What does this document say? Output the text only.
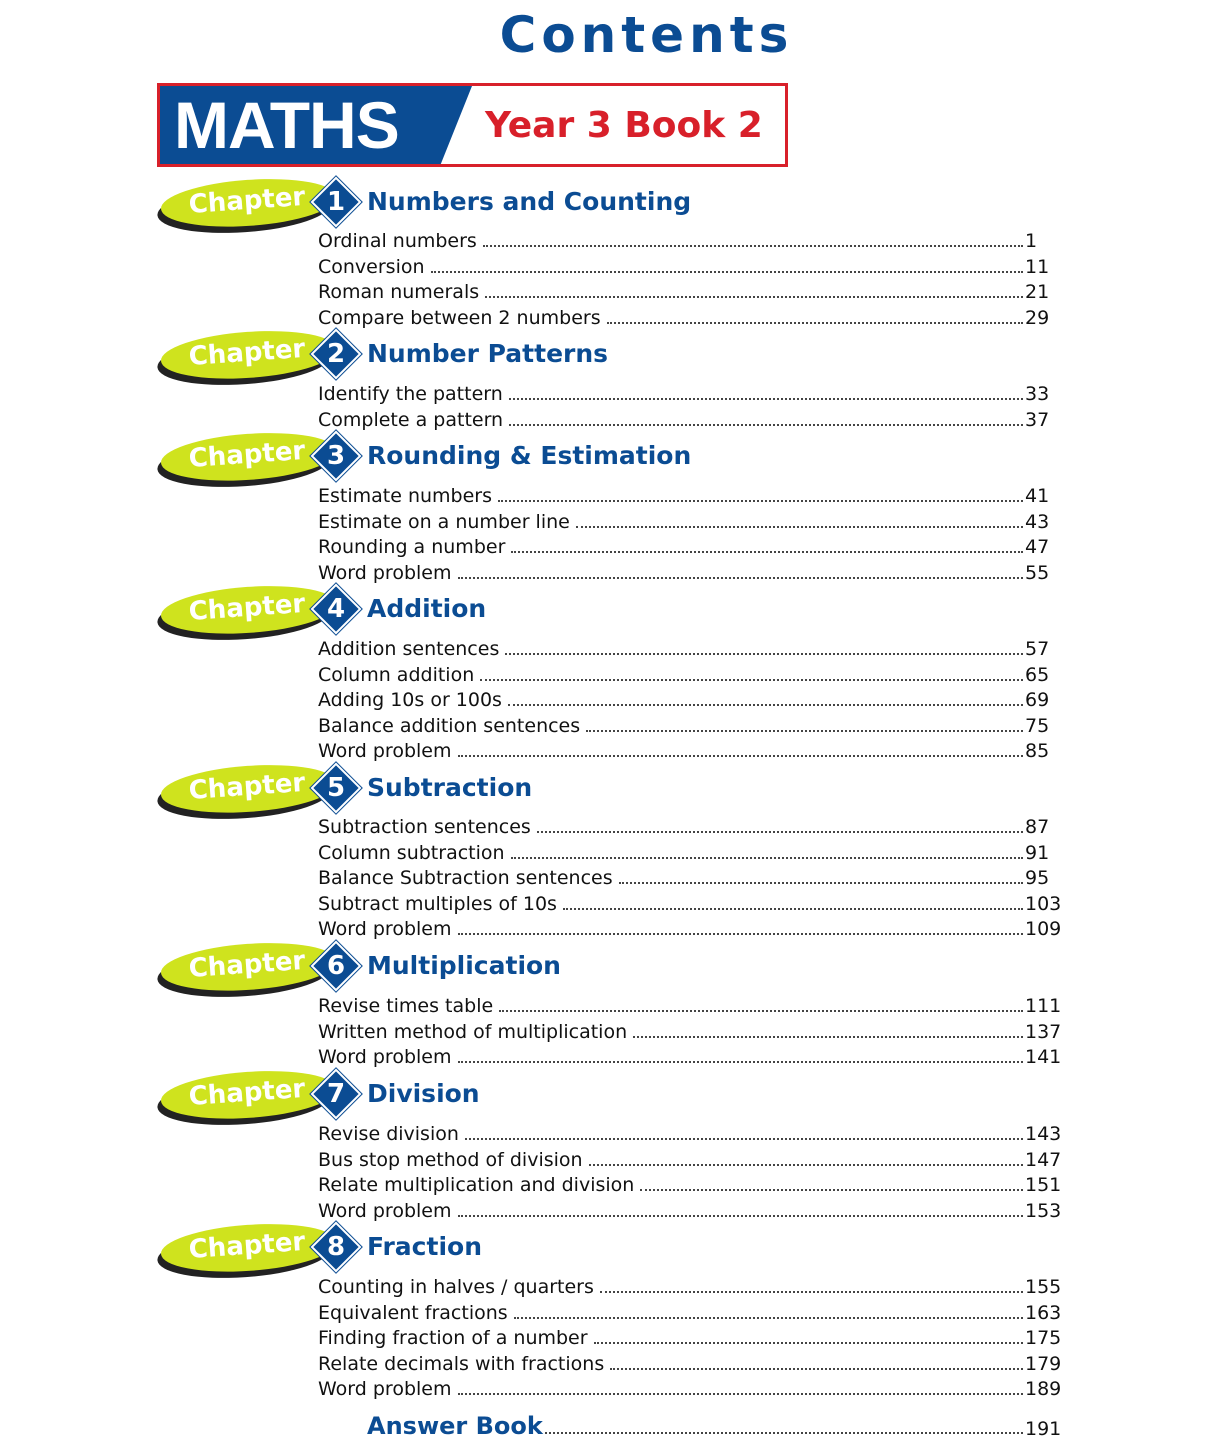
Contents
MATHS Year 3 Book 2
Chapter 1 Numbers and Counting
Ordinal numbers	1
Conversion	11
Roman numerals	21
Compare between 2 numbers	29
Chapter 2 Number Patterns
Identify the pattern	33
Complete a pattern	37
Chapter 3 Rounding & Estimation
Estimate numbers	41
Estimate on a number line	43
Rounding a number	47
Word problem	55
Chapter 4 Addition
Addition sentences	57
Column addition	65
Adding 10s or 100s	69
Balance addition sentences	75
Word problem	85
Chapter 5 Subtraction
Subtraction sentences	87
Column subtraction	91
Balance Subtraction sentences	95
Subtract multiples of 10s	103
Word problem	109
Chapter 6 Multiplication
Revise times table	111
Written method of multiplication	137
Word problem	141
Chapter 7 Division
Revise division	143
Bus stop method of division	147
Relate multiplication and division	151
Word problem	153
Chapter 8 Fraction
Counting in halves / quarters	155
Equivalent fractions	163
Finding fraction of a number	175
Relate decimals with fractions	179
Word problem	189
Answer Book	191
